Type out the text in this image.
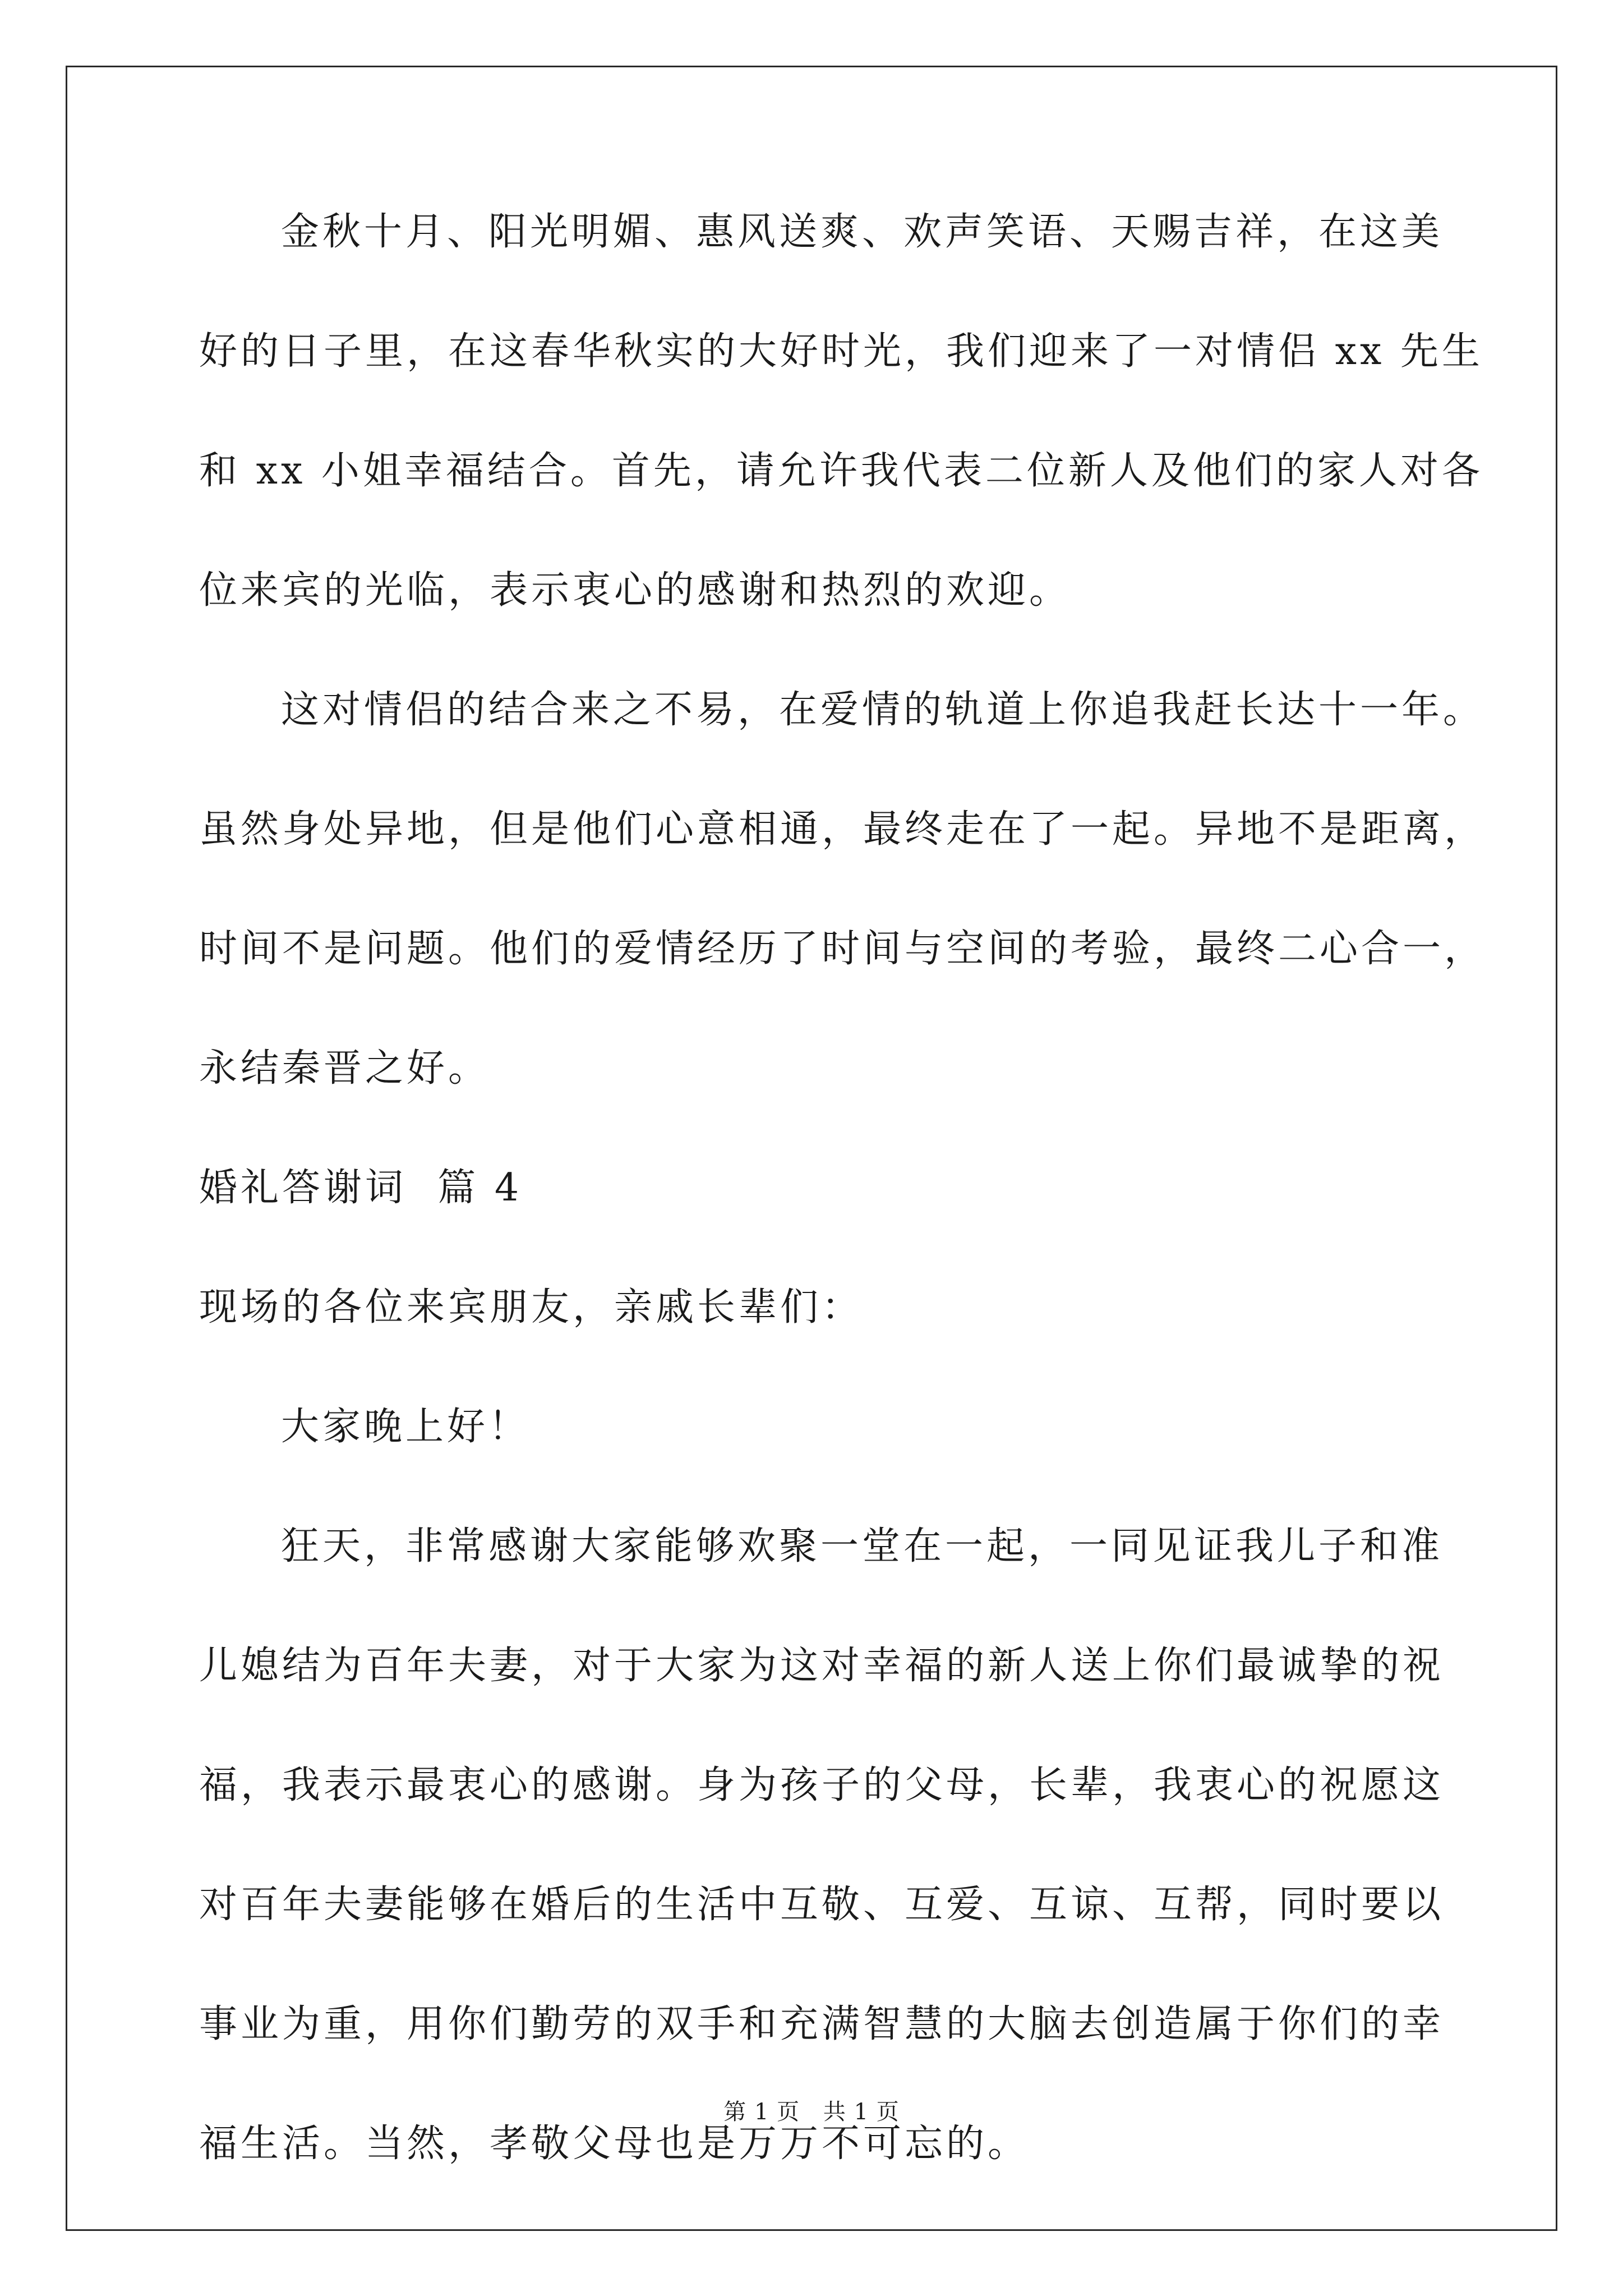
金秋十月、阳光明媚、惠风送爽、欢声笑语、天赐吉祥，在这美
好的日子里，在这春华秋实的大好时光，我们迎来了一对情侣 xx 先生
和 xx 小姐幸福结合。首先，请允许我代表二位新人及他们的家人对各
位来宾的光临，表示衷心的感谢和热烈的欢迎。
这对情侣的结合来之不易，在爱情的轨道上你追我赶长达十一年。
虽然身处异地，但是他们心意相通，最终走在了一起。异地不是距离，
时间不是问题。他们的爱情经历了时间与空间的考验，最终二心合一，
永结秦晋之好。
婚礼答谢词  篇 4
现场的各位来宾朋友，亲戚长辈们：
大家晚上好！
狂天，非常感谢大家能够欢聚一堂在一起，一同见证我儿子和准
儿媳结为百年夫妻，对于大家为这对幸福的新人送上你们最诚挚的祝
福，我表示最衷心的感谢。身为孩子的父母，长辈，我衷心的祝愿这
对百年夫妻能够在婚后的生活中互敬、互爱、互谅、互帮，同时要以
事业为重，用你们勤劳的双手和充满智慧的大脑去创造属于你们的幸
福生活。当然，孝敬父母也是万万不可忘的。
第 1 页 共 1 页
